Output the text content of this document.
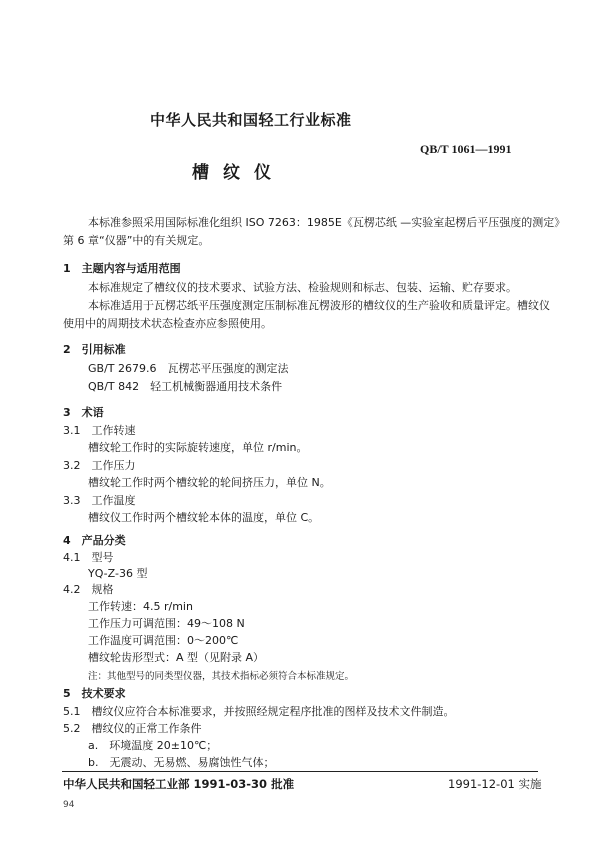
中华人民共和国轻工行业标准
QB/T 1061—1991
槽纹仪
本标准参照采用国际标准化组织 ISO 7263：1985E《瓦楞芯纸 —实验室起楞后平压强度的测定》
第 6 章“仪器”中的有关规定。
1　主题内容与适用范围
本标准规定了槽纹仪的技术要求、试验方法、检验规则和标志、包装、运输、贮存要求。
本标准适用于瓦楞芯纸平压强度测定压制标准瓦楞波形的槽纹仪的生产验收和质量评定。槽纹仪
使用中的周期技术状态检查亦应参照使用。
2　引用标准
GB/T 2679.6　瓦楞芯平压强度的测定法
QB/T 842　轻工机械衡器通用技术条件
3　术语
3.1　工作转速
槽纹轮工作时的实际旋转速度，单位 r/min。
3.2　工作压力
槽纹轮工作时两个槽纹轮的轮间挤压力，单位 N。
3.3　工作温度
槽纹仪工作时两个槽纹轮本体的温度，单位 C。
4　产品分类
4.1　型号
YQ-Z-36 型
4.2　规格
工作转速：4.5 r/min
工作压力可调范围：49～108 N
工作温度可调范围：0～200℃
槽纹轮齿形型式：A 型（见附录 A）
注：其他型号的同类型仪器，其技术指标必须符合本标准规定。
5　技术要求
5.1　槽纹仪应符合本标准要求，并按照经规定程序批准的图样及技术文件制造。
5.2　槽纹仪的正常工作条件
a.　环境温度 20±10℃；
b.　无震动、无易燃、易腐蚀性气体；
中华人民共和国轻工业部 1991-03-30 批准	1991-12-01 实施
94
